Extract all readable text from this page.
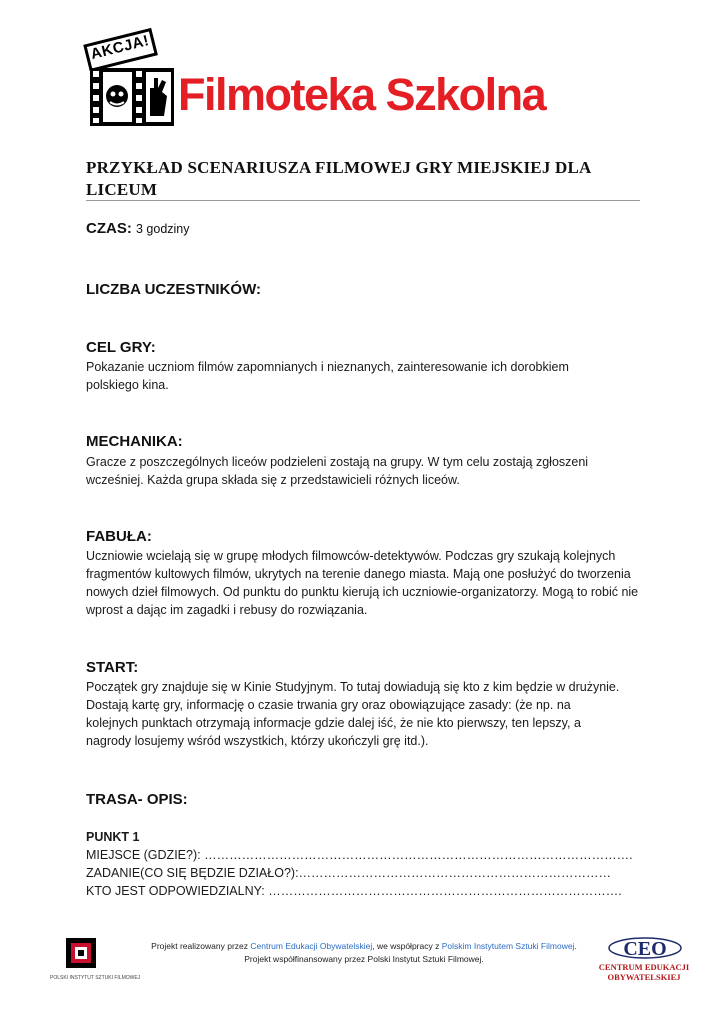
AKCJA!
Filmoteka Szkolna
PRZYKŁAD SCENARIUSZA FILMOWEJ GRY MIEJSKIEJ DLA LICEUM
CZAS: 3 godziny
LICZBA UCZESTNIKÓW:
CEL GRY:
Pokazanie uczniom filmów zapomnianych i nieznanych, zainteresowanie ich dorobkiem polskiego kina.
MECHANIKA:
Gracze z poszczególnych liceów podzieleni zostają na grupy. W tym celu zostają zgłoszeni wcześniej. Każda grupa składa się z przedstawicieli różnych liceów.
FABUŁA:
Uczniowie wcielają się w grupę młodych filmowców-detektywów. Podczas gry szukają kolejnych fragmentów kultowych filmów, ukrytych na terenie danego miasta. Mają one posłużyć do tworzenia nowych dzieł filmowych. Od punktu do punktu kierują ich uczniowie-organizatorzy. Mogą to robić nie wprost a dając im zagadki i rebusy do rozwiązania.
START:
Początek gry znajduje się w Kinie Studyjnym. To tutaj dowiadują się kto z kim będzie w drużynie. Dostają kartę gry, informację o czasie trwania gry oraz obowiązujące zasady: (że np. na kolejnych punktach otrzymają informacje gdzie dalej iść, że nie kto pierwszy, ten lepszy, a nagrody losujemy wśród wszystkich, którzy ukończyli grę itd.).
TRASA- OPIS:
PUNKT 1
MIEJSCE (GDZIE?): ………………………………………………………………………………………….
ZADANIE(CO SIĘ BĘDZIE DZIAŁO?):…………………………………………………………………
KTO JEST ODPOWIEDZIALNY: ………………………………………………………………………….
POLSKI INSTYTUT SZTUKI FILMOWEJ
Projekt realizowany przez Centrum Edukacji Obywatelskiej, we współpracy z Polskim Instytutem Sztuki Filmowej.
Projekt współfinansowany przez Polski Instytut Sztuki Filmowej.	CEO
CENTRUM EDUKACJI OBYWATELSKIEJ
